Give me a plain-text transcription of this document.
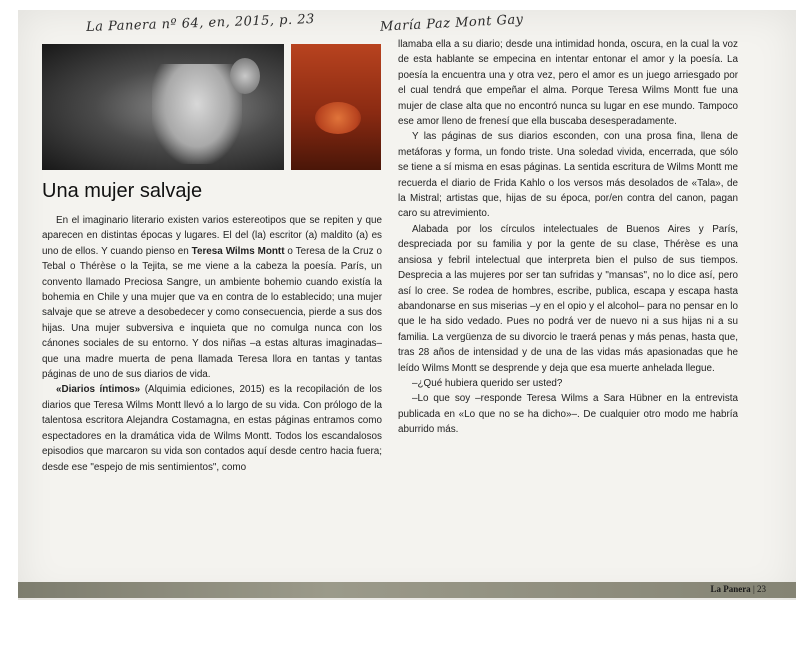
La Panera nº 64, en, 2015, p. 23	María Paz Mont Gay
Una mujer salvaje

En el imaginario literario existen varios estereotipos que se repiten y que aparecen en distintas épocas y lugares. El del (la) escritor (a) maldito (a) es uno de ellos. Y cuando pienso en Teresa Wilms Montt o Teresa de la Cruz o Tebal o Thérèse o la Tejita, se me viene a la cabeza la poesía. París, un convento llamado Preciosa Sangre, un ambiente bohemio cuando existía la bohemia en Chile y una mujer que va en contra de lo establecido; una mujer salvaje que se atreve a desobedecer y como consecuencia, pierde a sus dos hijas. Una mujer subversiva e inquieta que no comulga nunca con los cánones sociales de su entorno. Y dos niñas –a estas alturas imaginadas– que una madre muerta de pena llamada Teresa llora en tantas y tantas páginas de uno de sus diarios de vida.

«Diarios íntimos» (Alquimia ediciones, 2015) es la recopilación de los diarios que Teresa Wilms Montt llevó a lo largo de su vida. Con prólogo de la talentosa escritora Alejandra Costamagna, en estas páginas entramos como espectadores en la dramática vida de Wilms Montt. Todos los escandalosos episodios que marcaron su vida son contados aquí desde centro hacia fuera; desde ese "espejo de mis sentimientos", como

llamaba ella a su diario; desde una intimidad honda, oscura, en la cual la voz de esta hablante se empecina en intentar entonar el amor y la poesía. La poesía la encuentra una y otra vez, pero el amor es un juego arriesgado por el cual tendrá que empeñar el alma. Porque Teresa Wilms Montt fue una mujer de clase alta que no encontró nunca su lugar en ese mundo. Tampoco ese amor lleno de frenesí que ella buscaba desesperadamente.

Y las páginas de sus diarios esconden, con una prosa fina, llena de metáforas y forma, un fondo triste. Una soledad vivida, encerrada, que sólo se tiene a sí misma en esas páginas. La sentida escritura de Wilms Montt me recuerda el diario de Frida Kahlo o los versos más desolados de «Tala», de la Mistral; artistas que, hijas de su época, por/en contra del canon, pagan caro su atrevimiento.

Alabada por los círculos intelectuales de Buenos Aires y París, despreciada por su familia y por la gente de su clase, Thérèse es una ansiosa y febril intelectual que interpreta bien el pulso de sus tiempos. Desprecia a las mujeres por ser tan sufridas y "mansas", no lo dice así, pero así lo cree. Se rodea de hombres, escribe, publica, escapa y escapa hasta abandonarse en sus miserias –y en el opio y el alcohol– para no pensar en lo que le ha sido vedado. Pues no podrá ver de nuevo ni a sus hijas ni a su familia. La vergüenza de su divorcio le traerá penas y más penas, hasta que, tras 28 años de intensidad y de una de las vidas más apasionadas que he leído Wilms Montt se desprende y deja que esa muerte anhelada llegue.

–¿Qué hubiera querido ser usted?

–Lo que soy –responde Teresa Wilms a Sara Hübner en la entrevista publicada en «Lo que no se ha dicho»–. De cualquier otro modo me habría aburrido más.

La Panera | 23
